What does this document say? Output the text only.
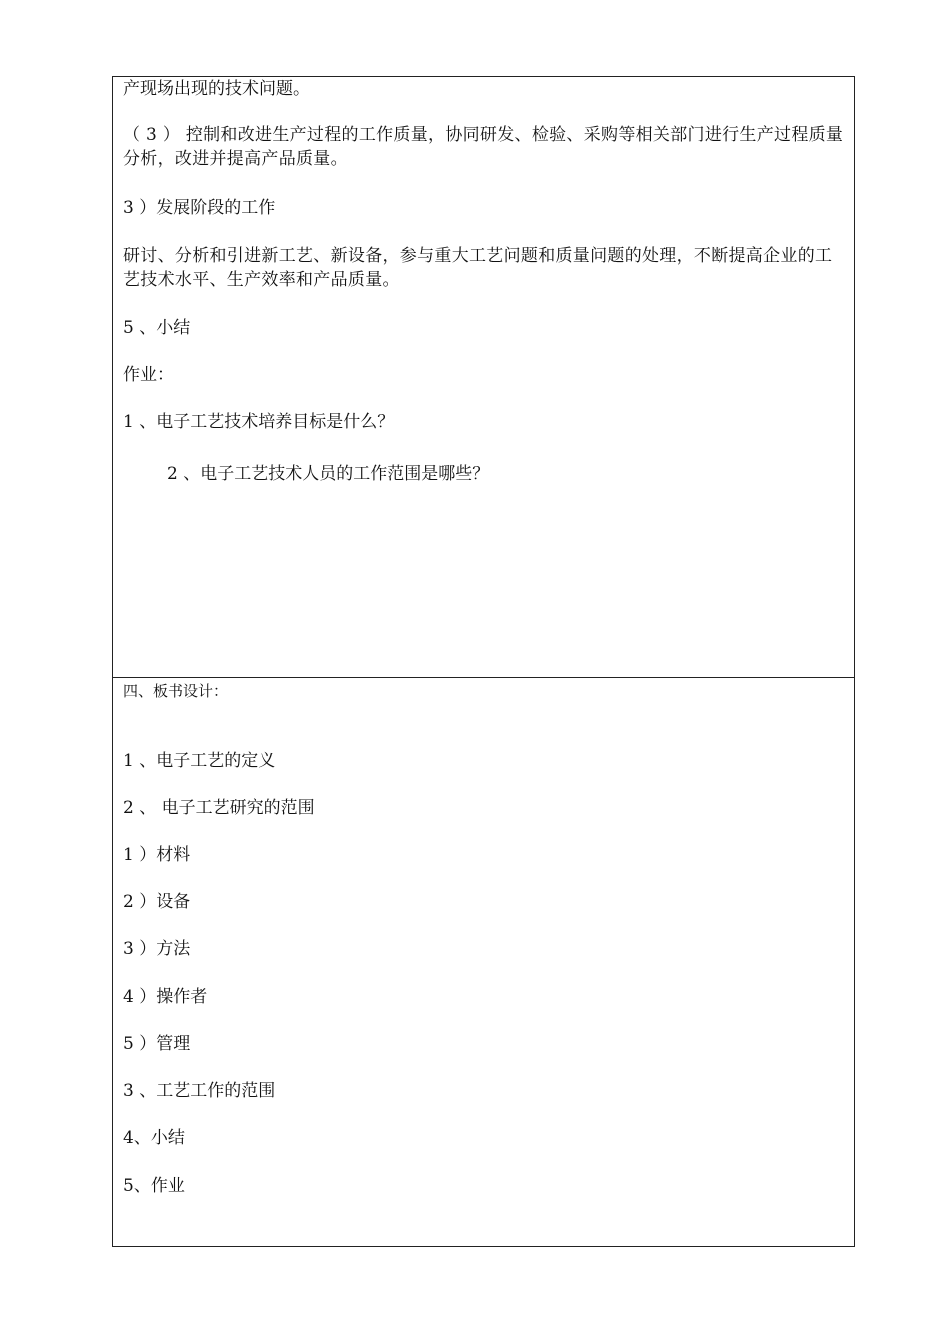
产现场出现的技术问题。
（ 3 ） 控制和改进生产过程的工作质量，协同研发、检验、采购等相关部门进行生产过程质量分析，改进并提高产品质量。
3 ）发展阶段的工作
研讨、分析和引进新工艺、新设备，参与重大工艺问题和质量问题的处理，不断提高企业的工艺技术水平、生产效率和产品质量。
5 、小结
作业：
1 、电子工艺技术培养目标是什么？
2 、电子工艺技术人员的工作范围是哪些？
四、板书设计：
1 、电子工艺的定义
2 、 电子工艺研究的范围
1 ）材料
2 ）设备
3 ）方法
4 ）操作者
5 ）管理
3 、工艺工作的范围
4、小结
5、作业
